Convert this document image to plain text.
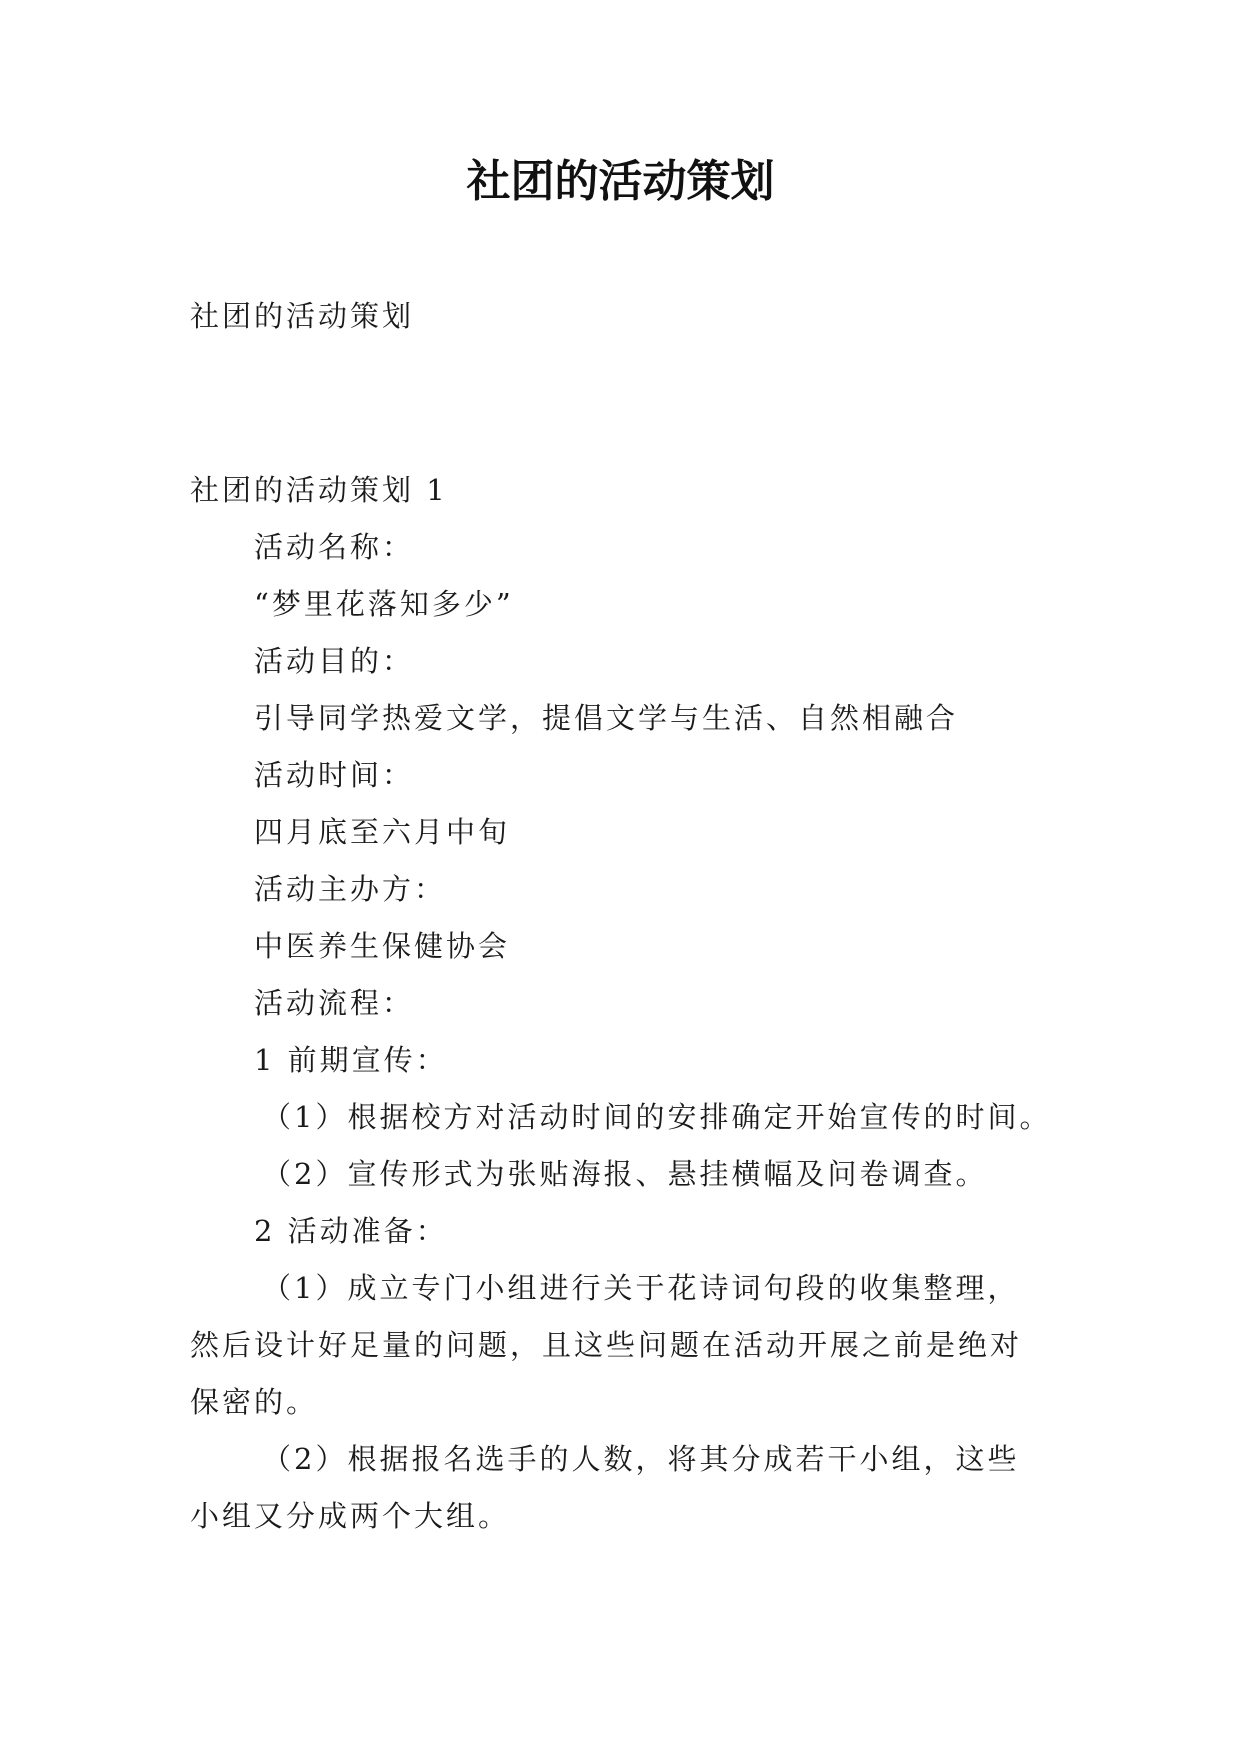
社团的活动策划
社团的活动策划
社团的活动策划 1
活动名称：
“梦里花落知多少”
活动目的：
引导同学热爱文学，提倡文学与生活、自然相融合
活动时间：
四月底至六月中旬
活动主办方：
中医养生保健协会
活动流程：
1 前期宣传：
（1）根据校方对活动时间的安排确定开始宣传的时间。
（2）宣传形式为张贴海报、悬挂横幅及问卷调查。
2 活动准备：
（1）成立专门小组进行关于花诗词句段的收集整理，
然后设计好足量的问题，且这些问题在活动开展之前是绝对
保密的。
（2）根据报名选手的人数，将其分成若干小组，这些
小组又分成两个大组。
